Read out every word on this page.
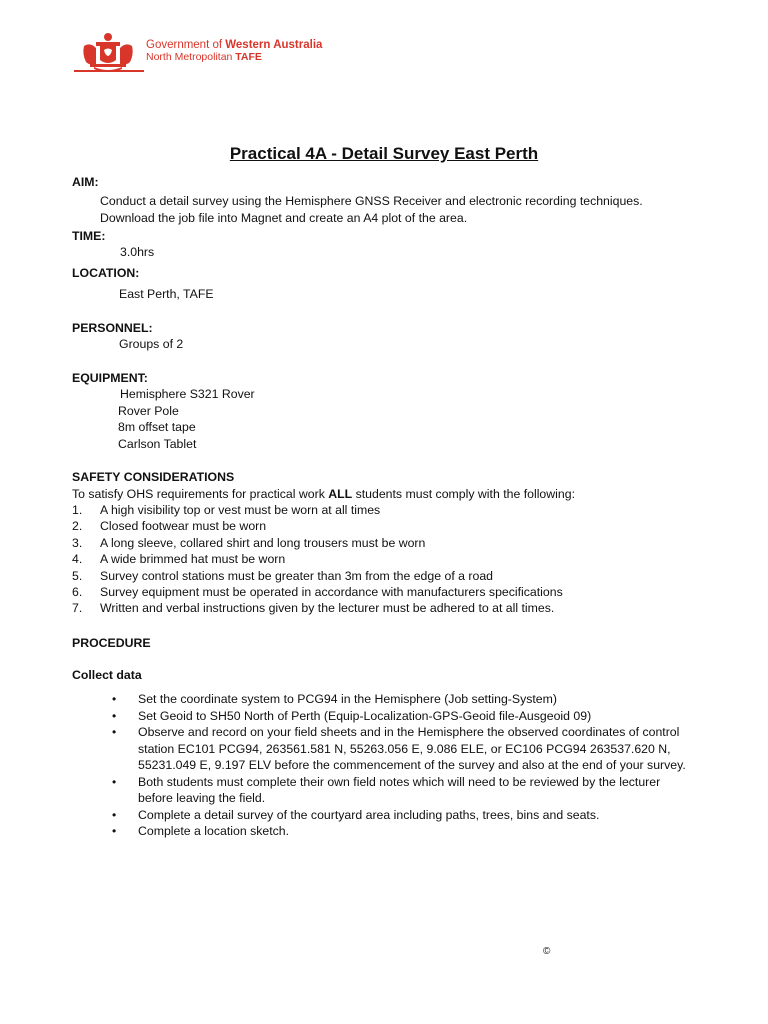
Government of Western Australia
North Metropolitan TAFE
Practical 4A - Detail Survey East Perth
AIM:
Conduct a detail survey using the Hemisphere GNSS Receiver and electronic recording techniques.
Download the job file into Magnet and create an A4 plot of the area.
TIME:
3.0hrs
LOCATION:
East Perth, TAFE
PERSONNEL:
Groups of 2
EQUIPMENT:
Hemisphere S321 Rover
Rover Pole
8m offset tape
Carlson Tablet
SAFETY CONSIDERATIONS
To satisfy OHS requirements for practical work ALL students must comply with the following:
1.	A high visibility top or vest must be worn at all times
2.	Closed footwear must be worn
3.	A long sleeve, collared shirt and long trousers must be worn
4.	A wide brimmed hat must be worn
5.	Survey control stations must be greater than 3m from the edge of a road
6.	Survey equipment must be operated in accordance with manufacturers specifications
7.	Written and verbal instructions given by the lecturer must be adhered to at all times.
PROCEDURE
Collect data
•	Set the coordinate system to PCG94 in the Hemisphere (Job setting-System)
•	Set Geoid to SH50 North of Perth (Equip-Localization-GPS-Geoid file-Ausgeoid 09)
•	Observe and record on your field sheets and in the Hemisphere the observed coordinates of control station EC101 PCG94, 263561.581 N, 55263.056 E, 9.086 ELE, or EC106 PCG94 263537.620 N, 55231.049 E, 9.197 ELV before the commencement of the survey and also at the end of your survey.
•	Both students must complete their own field notes which will need to be reviewed by the lecturer before leaving the field.
•	Complete a detail survey of the courtyard area including paths, trees, bins and seats.
•	Complete a location sketch.
©
